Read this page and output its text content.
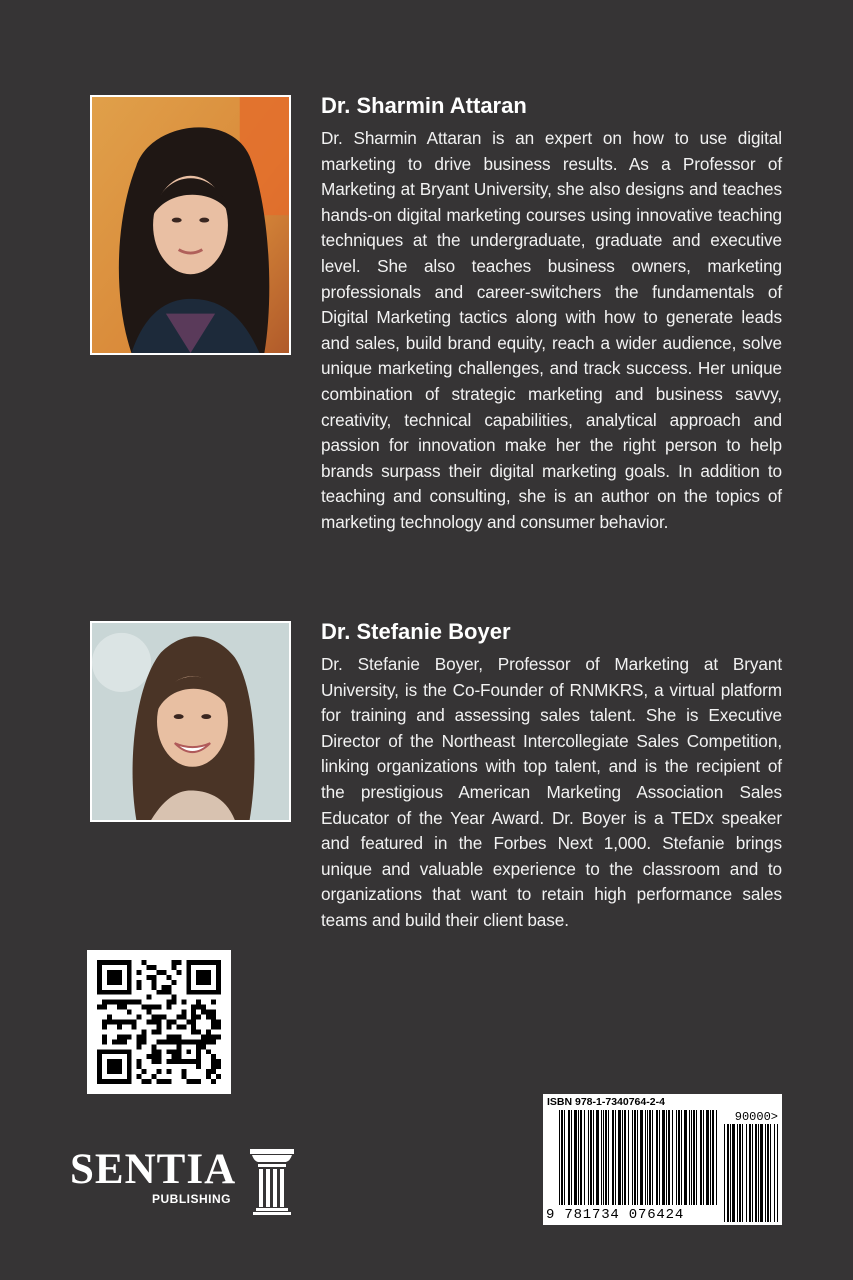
Dr. Sharmin Attaran

Dr. Sharmin Attaran is an expert on how to use digital marketing to drive business results. As a Professor of Marketing at Bryant University, she also designs and teaches hands-on digital marketing courses using innovative teaching techniques at the undergraduate, graduate and executive level. She also teaches business owners, marketing professionals and career-switchers the fundamentals of Digital Marketing tactics along with how to generate leads and sales, build brand equity, reach a wider audience, solve unique marketing challenges, and track success. Her unique combination of strategic marketing and business savvy, creativity, technical capabilities, analytical approach and passion for innovation make her the right person to help brands surpass their digital marketing goals. In addition to teaching and consulting, she is an author on the topics of marketing technology and consumer behavior.

Dr. Stefanie Boyer

Dr. Stefanie Boyer, Professor of Marketing at Bryant University, is the Co-Founder of RNMKRS, a virtual platform for training and assessing sales talent. She is Executive Director of the Northeast Intercollegiate Sales Competition, linking organizations with top talent, and is the recipient of the prestigious American Marketing Association Sales Educator of the Year Award. Dr. Boyer is a TEDx speaker and featured in the Forbes Next 1,000. Stefanie brings unique and valuable experience to the classroom and to organizations that want to retain high performance sales teams and build their client base.

SENTIA
PUBLISHING
ISBN 978-1-7340764-2-4
90000>
9 781734 076424
